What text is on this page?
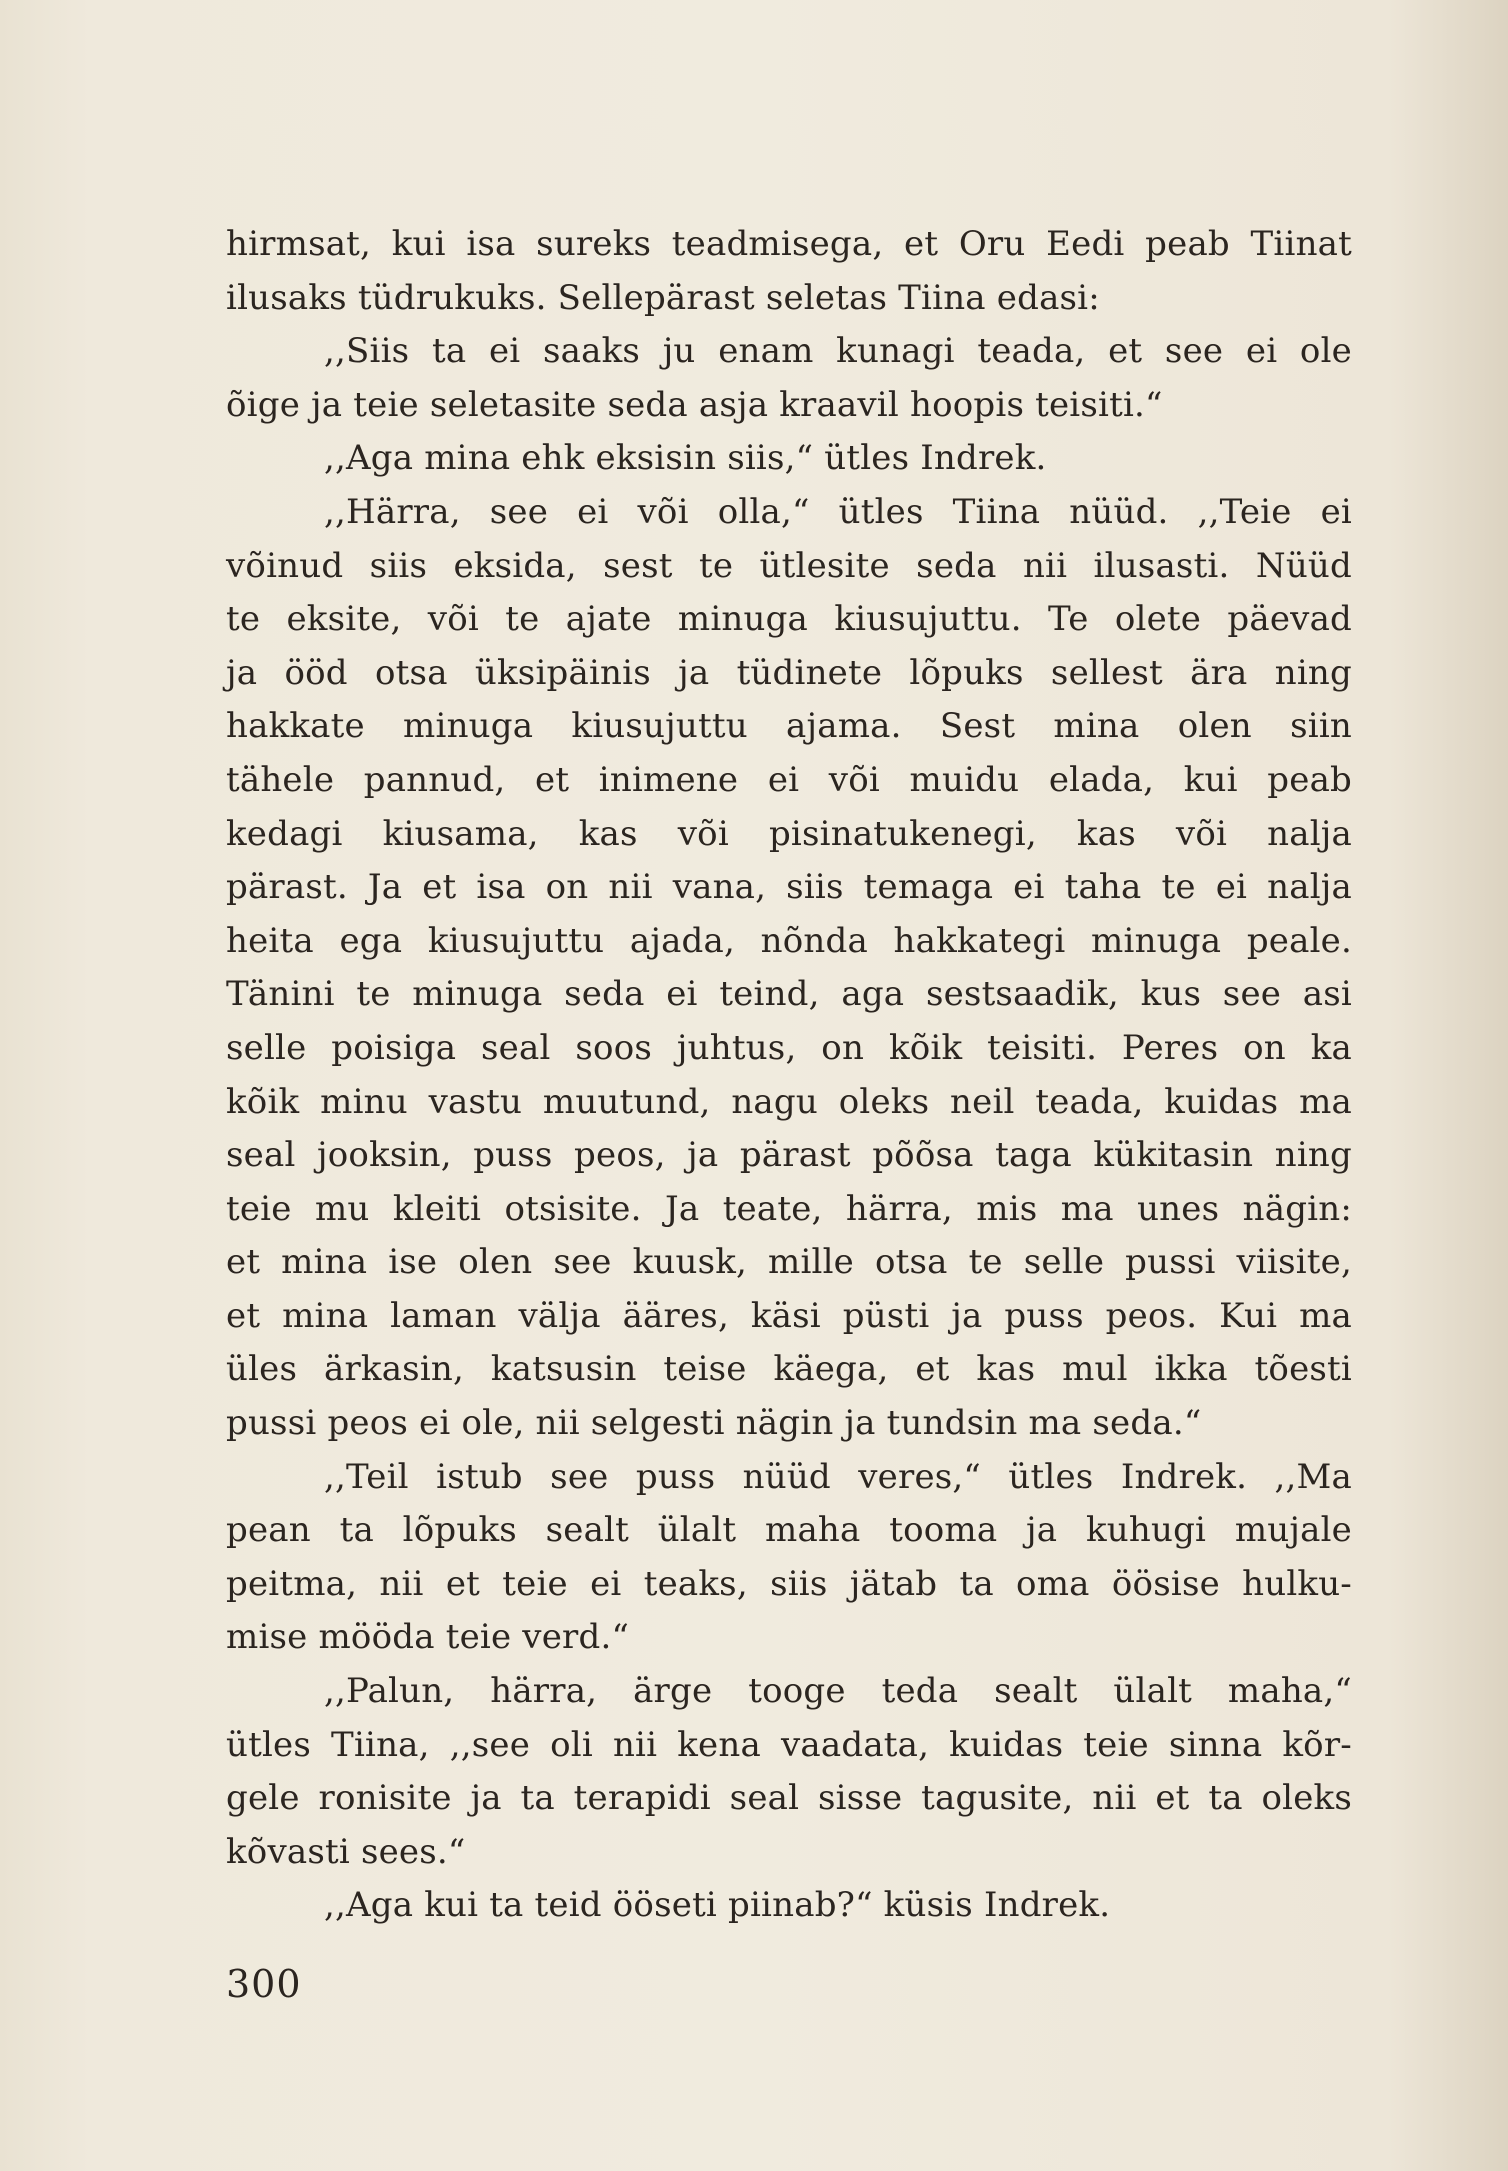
hirmsat, kui isa sureks teadmisega, et Oru Eedi peab Tiinat
ilusaks tüdrukuks. Sellepärast seletas Tiina edasi:
,,Siis ta ei saaks ju enam kunagi teada, et see ei ole
õige ja teie seletasite seda asja kraavil hoopis teisiti.“
,,Aga mina ehk eksisin siis,“ ütles Indrek.
,,Härra, see ei või olla,“ ütles Tiina nüüd. ,,Teie ei
võinud siis eksida, sest te ütlesite seda nii ilusasti. Nüüd
te eksite, või te ajate minuga kiusujuttu. Te olete päevad
ja ööd otsa üksipäinis ja tüdinete lõpuks sellest ära ning
hakkate minuga kiusujuttu ajama. Sest mina olen siin
tähele pannud, et inimene ei või muidu elada, kui peab
kedagi kiusama, kas või pisinatukenegi, kas või nalja
pärast. Ja et isa on nii vana, siis temaga ei taha te ei nalja
heita ega kiusujuttu ajada, nõnda hakkategi minuga peale.
Tänini te minuga seda ei teind, aga sestsaadik, kus see asi
selle poisiga seal soos juhtus, on kõik teisiti. Peres on ka
kõik minu vastu muutund, nagu oleks neil teada, kuidas ma
seal jooksin, puss peos, ja pärast põõsa taga kükitasin ning
teie mu kleiti otsisite. Ja teate, härra, mis ma unes nägin:
et mina ise olen see kuusk, mille otsa te selle pussi viisite,
et mina laman välja ääres, käsi püsti ja puss peos. Kui ma
üles ärkasin, katsusin teise käega, et kas mul ikka tõesti
pussi peos ei ole, nii selgesti nägin ja tundsin ma seda.“
,,Teil istub see puss nüüd veres,“ ütles Indrek. ,,Ma
pean ta lõpuks sealt ülalt maha tooma ja kuhugi mujale
peitma, nii et teie ei teaks, siis jätab ta oma öösise hulku-
mise mööda teie verd.“
,,Palun, härra, ärge tooge teda sealt ülalt maha,“
ütles Tiina, ,,see oli nii kena vaadata, kuidas teie sinna kõr-
gele ronisite ja ta terapidi seal sisse tagusite, nii et ta oleks
kõvasti sees.“
,,Aga kui ta teid ööseti piinab?“ küsis Indrek.
300
